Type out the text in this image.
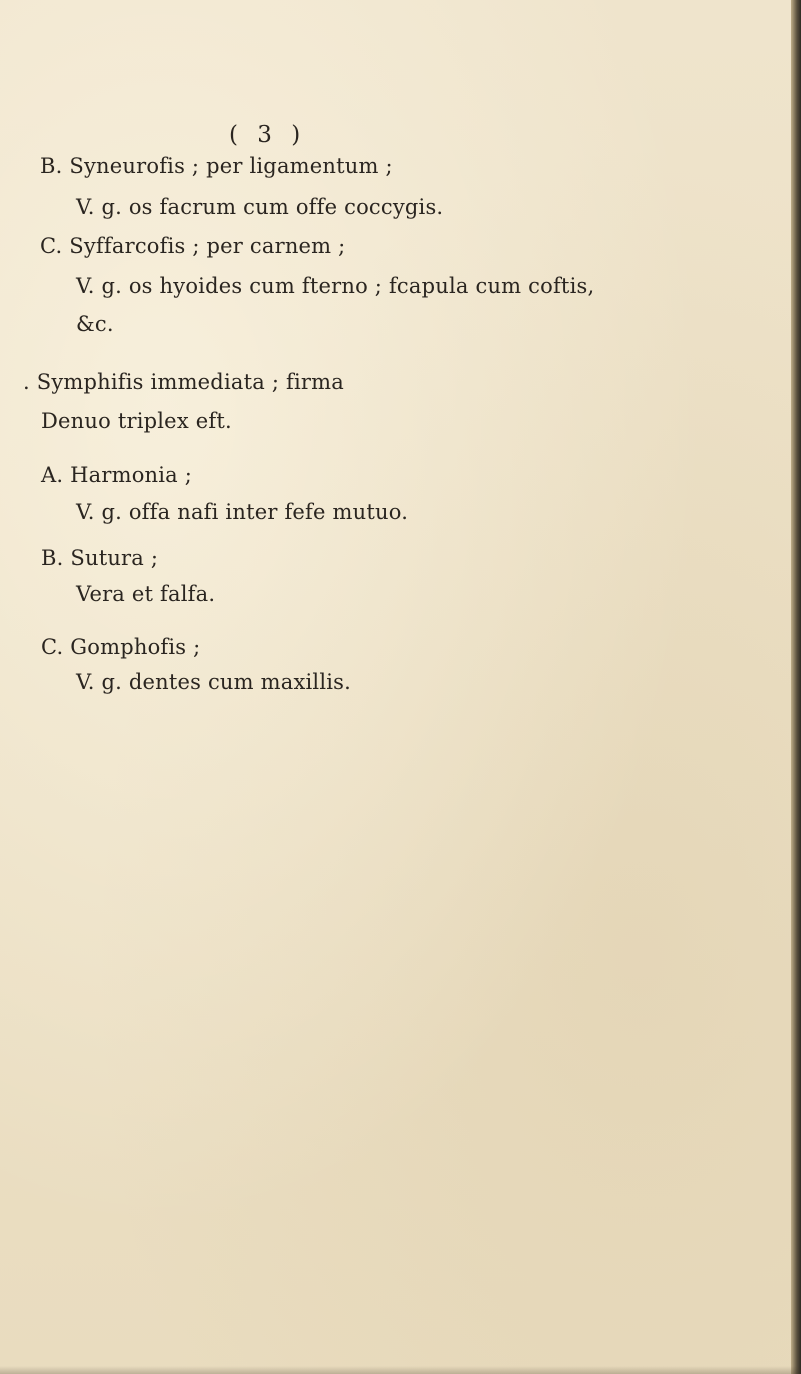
( 3 )
B. Syneurofis ; per ligamentum ;
V. g. os facrum cum offe coccygis.
C. Syffarcofis ; per carnem ;
V. g. os hyoides cum fterno ; fcapula cum coftis,
&c.
. Symphifis immediata ; firma
Denuo triplex eft.
A. Harmonia ;
V. g. offa nafi inter fefe mutuo.
B. Sutura ;
Vera et falfa.
C. Gomphofis ;
V. g. dentes cum maxillis.
